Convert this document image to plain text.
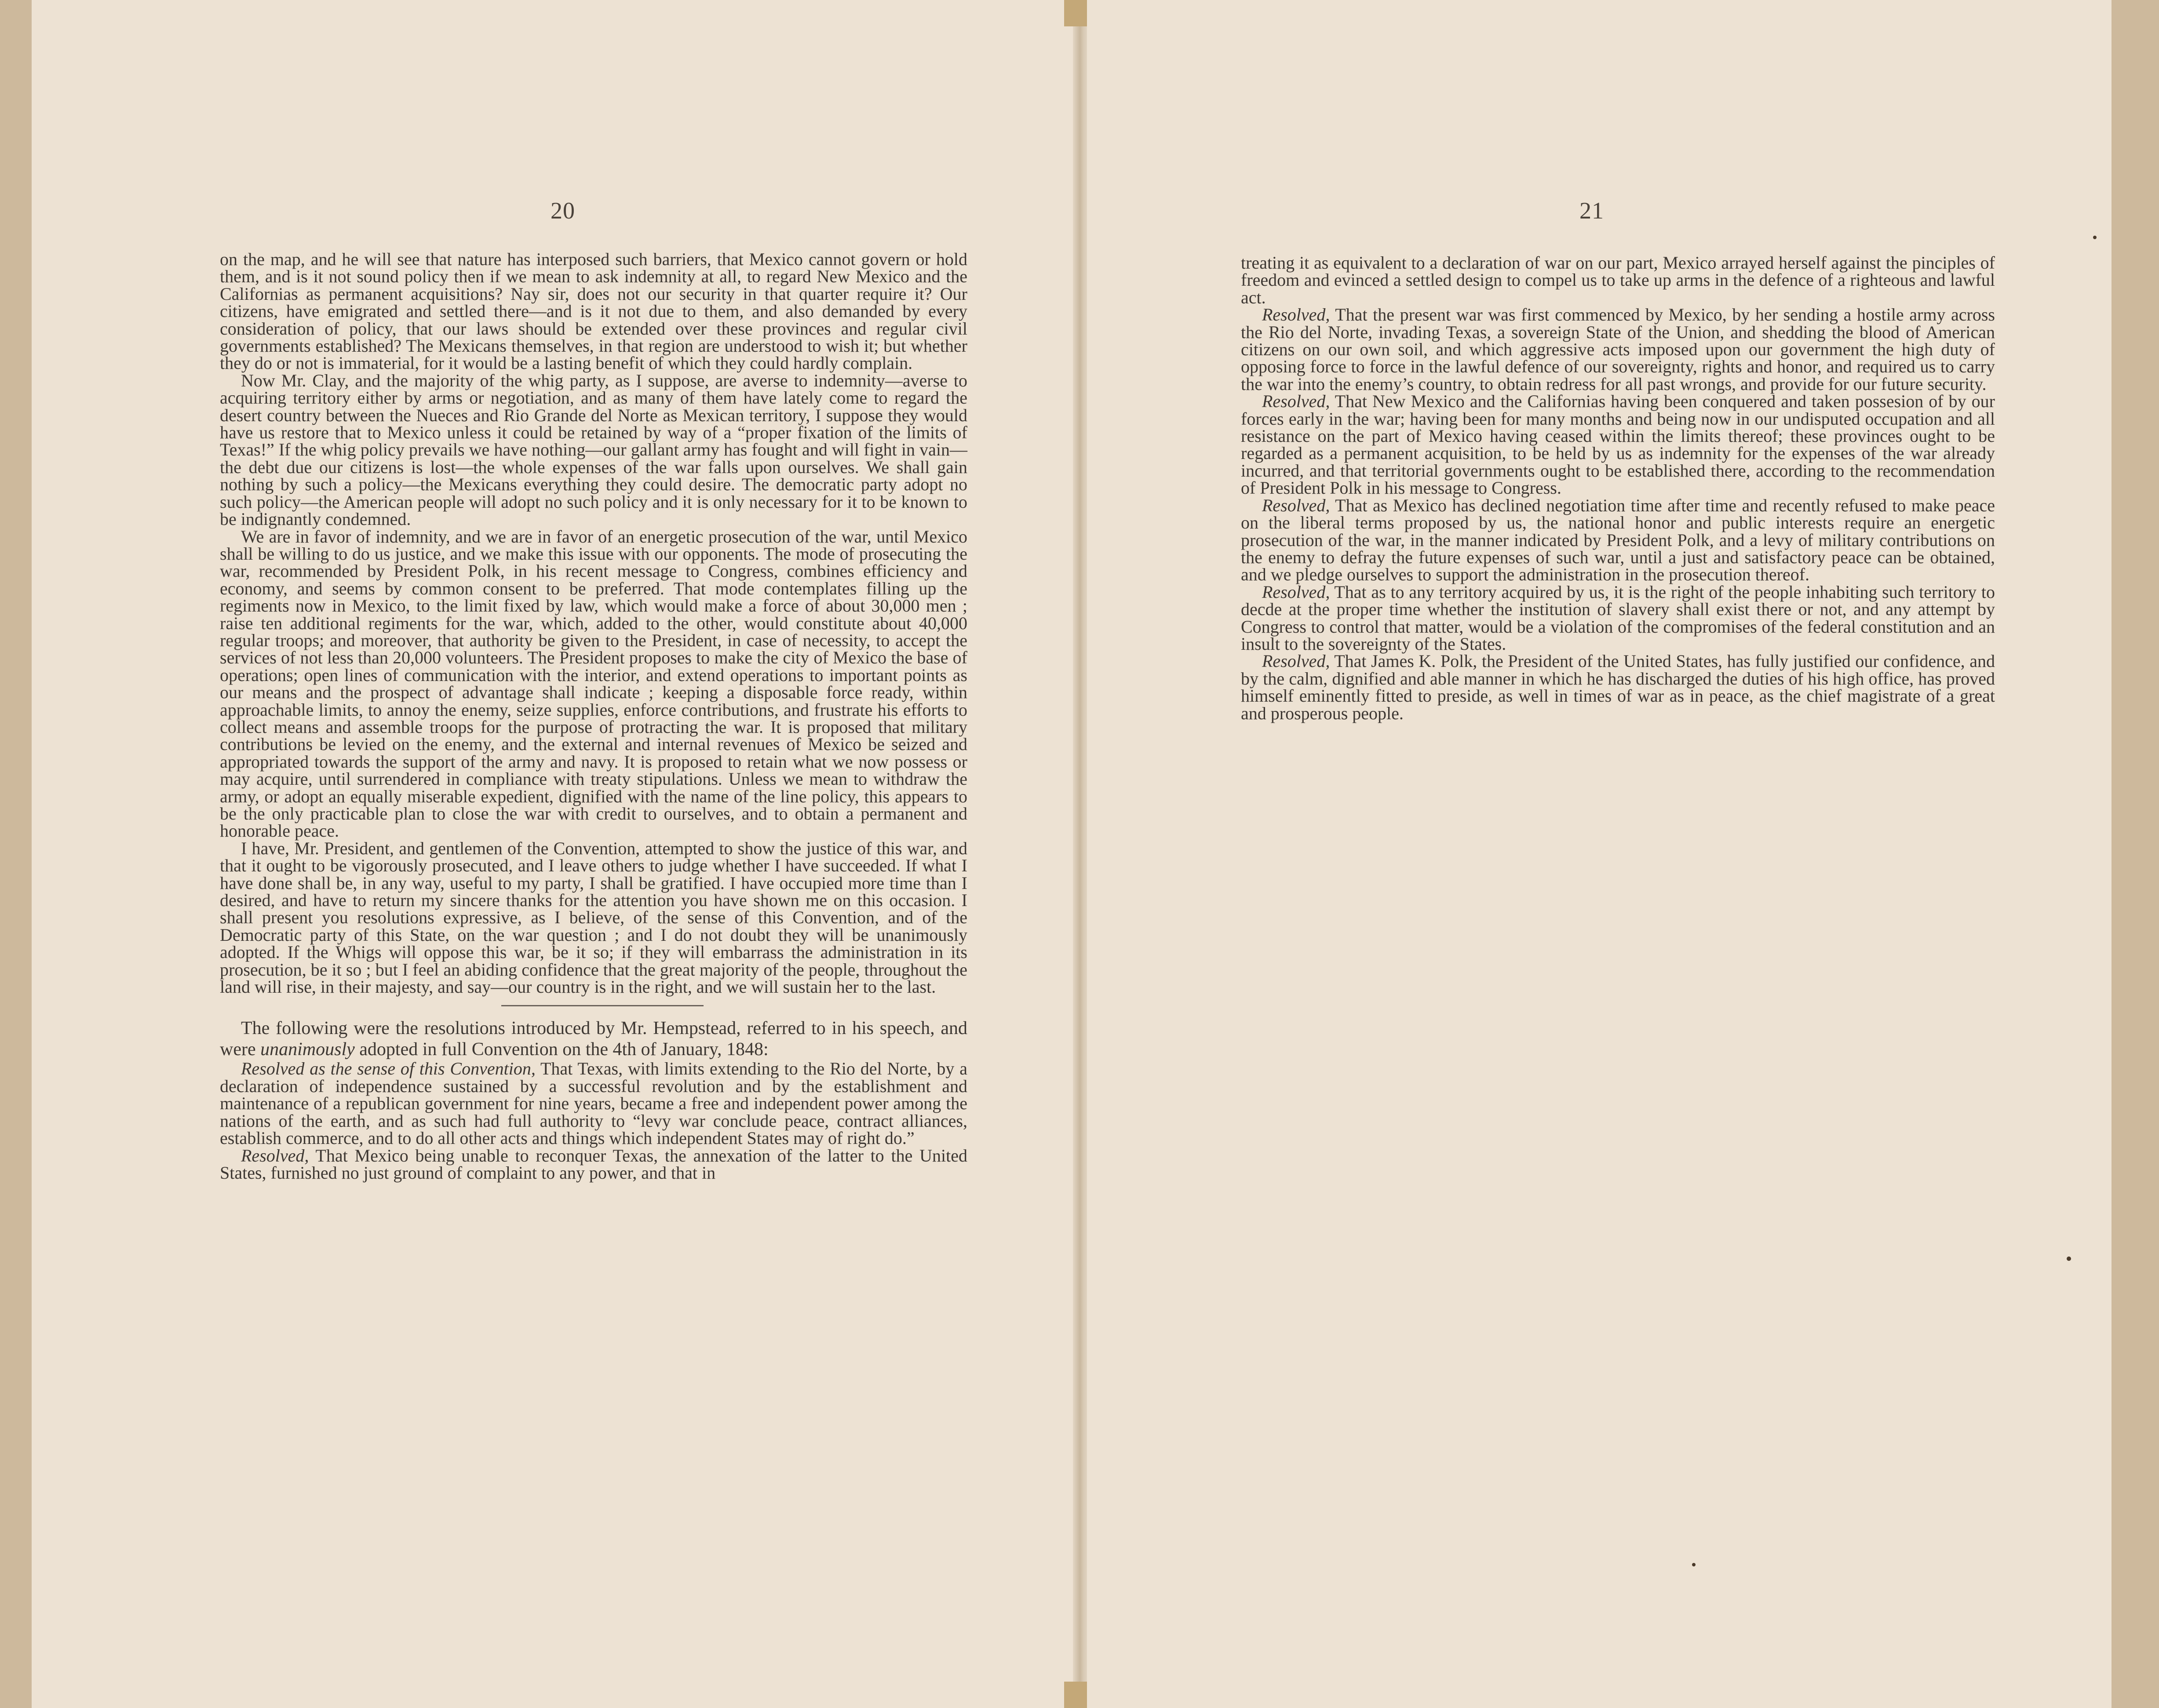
20

on the map, and he will see that nature has interposed such barriers, that Mexico cannot govern or hold them, and is it not sound policy then if we mean to ask indemnity at all, to regard New Mexico and the Californias as permanent acquisitions? Nay sir, does not our security in that quarter require it? Our citizens, have emigrated and settled there—and is it not due to them, and also demanded by every consideration of policy, that our laws should be extended over these provinces and regular civil governments established? The Mexicans themselves, in that region are understood to wish it; but whether they do or not is immaterial, for it would be a lasting benefit of which they could hardly complain.

Now Mr. Clay, and the majority of the whig party, as I suppose, are averse to indemnity—averse to acquiring territory either by arms or negotiation, and as many of them have lately come to regard the desert country between the Nueces and Rio Grande del Norte as Mexican territory, I suppose they would have us restore that to Mexico unless it could be retained by way of a “proper fixation of the limits of Texas!” If the whig policy prevails we have nothing—our gallant army has fought and will fight in vain—the debt due our citizens is lost—the whole expenses of the war falls upon ourselves. We shall gain nothing by such a policy—the Mexicans everything they could desire. The democratic party adopt no such policy—the American people will adopt no such policy and it is only necessary for it to be known to be indignantly condemned.

We are in favor of indemnity, and we are in favor of an energetic prosecution of the war, until Mexico shall be willing to do us justice, and we make this issue with our opponents. The mode of prosecuting the war, recommended by President Polk, in his recent message to Congress, combines efficiency and economy, and seems by common consent to be preferred. That mode contemplates filling up the regiments now in Mexico, to the limit fixed by law, which would make a force of about 30,000 men ; raise ten additional regiments for the war, which, added to the other, would constitute about 40,000 regular troops; and moreover, that authority be given to the President, in case of necessity, to accept the services of not less than 20,000 volunteers. The President proposes to make the city of Mexico the base of operations; open lines of communication with the interior, and extend operations to important points as our means and the prospect of advantage shall indicate ; keeping a disposable force ready, within approachable limits, to annoy the enemy, seize supplies, enforce contributions, and frustrate his efforts to collect means and assemble troops for the purpose of protracting the war. It is proposed that military contributions be levied on the enemy, and the external and internal revenues of Mexico be seized and appropriated towards the support of the army and navy. It is proposed to retain what we now possess or may acquire, until surrendered in compliance with treaty stipulations. Unless we mean to withdraw the army, or adopt an equally miserable expedient, dignified with the name of the line policy, this appears to be the only practicable plan to close the war with credit to ourselves, and to obtain a permanent and honorable peace.

I have, Mr. President, and gentlemen of the Convention, attempted to show the justice of this war, and that it ought to be vigorously prosecuted, and I leave others to judge whether I have succeeded. If what I have done shall be, in any way, useful to my party, I shall be gratified. I have occupied more time than I desired, and have to return my sincere thanks for the attention you have shown me on this occasion. I shall present you resolutions expressive, as I believe, of the sense of this Convention, and of the Democratic party of this State, on the war question ; and I do not doubt they will be unanimously adopted. If the Whigs will oppose this war, be it so; if they will embarrass the administration in its prosecution, be it so ; but I feel an abiding confidence that the great majority of the people, throughout the land will rise, in their majesty, and say—our country is in the right, and we will sustain her to the last.

The following were the resolutions introduced by Mr. Hempstead, referred to in his speech, and were unanimously adopted in full Convention on the 4th of January, 1848:

Resolved as the sense of this Convention, That Texas, with limits extending to the Rio del Norte, by a declaration of independence sustained by a successful revolution and by the establishment and maintenance of a republican government for nine years, became a free and independent power among the nations of the earth, and as such had full authority to “levy war conclude peace, contract alliances, establish commerce, and to do all other acts and things which independent States may of right do.”

Resolved, That Mexico being unable to reconquer Texas, the annexation of the latter to the United States, furnished no just ground of complaint to any power, and that in

21

treating it as equivalent to a declaration of war on our part, Mexico arrayed herself against the pinciples of freedom and evinced a settled design to compel us to take up arms in the defence of a righteous and lawful act.

Resolved, That the present war was first commenced by Mexico, by her sending a hostile army across the Rio del Norte, invading Texas, a sovereign State of the Union, and shedding the blood of American citizens on our own soil, and which aggressive acts imposed upon our government the high duty of opposing force to force in the lawful defence of our sovereignty, rights and honor, and required us to carry the war into the enemy’s country, to obtain redress for all past wrongs, and provide for our future security.

Resolved, That New Mexico and the Californias having been conquered and taken possesion of by our forces early in the war; having been for many months and being now in our undisputed occupation and all resistance on the part of Mexico having ceased within the limits thereof; these provinces ought to be regarded as a permanent acquisition, to be held by us as indemnity for the expenses of the war already incurred, and that territorial governments ought to be established there, according to the recommendation of President Polk in his message to Congress.

Resolved, That as Mexico has declined negotiation time after time and recently refused to make peace on the liberal terms proposed by us, the national honor and public interests require an energetic prosecution of the war, in the manner indicated by President Polk, and a levy of military contributions on the enemy to defray the future expenses of such war, until a just and satisfactory peace can be obtained, and we pledge ourselves to support the administration in the prosecution thereof.

Resolved, That as to any territory acquired by us, it is the right of the people inhabiting such territory to decde at the proper time whether the institution of slavery shall exist there or not, and any attempt by Congress to control that matter, would be a violation of the compromises of the federal constitution and an insult to the sovereignty of the States.

Resolved, That James K. Polk, the President of the United States, has fully justified our confidence, and by the calm, dignified and able manner in which he has discharged the duties of his high office, has proved himself eminently fitted to preside, as well in times of war as in peace, as the chief magistrate of a great and prosperous people.
